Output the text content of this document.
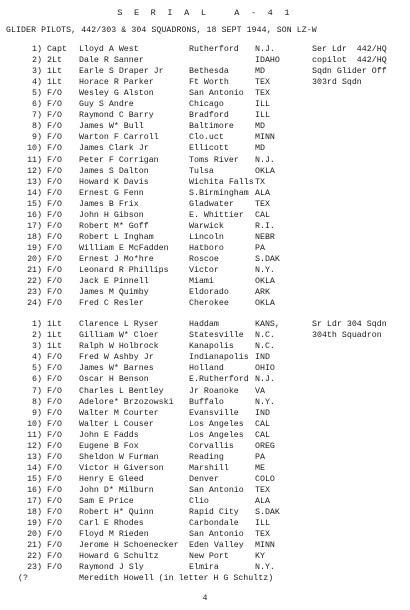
S E R I A L   A - 4 1
GLIDER PILOTS, 442/303 & 304 SQUADRONS, 18 SEPT 1944, SON LZ-W
1) Capt Lloyd A West	Rutherford N.J.	Ser Ldr  442/HQ
2) 2Lt Dale R Sanner	IDAHO	copilot  442/HQ
3) 1Lt Earle S Draper Jr	Bethesda	MD	Sqdn Glider Off
4) 1Lt Horace R Parker	Ft Worth	TEX	303rd Sqdn
5) F/O Wesley G Alston	San Antonio TEX
6) F/O Guy S Andre	Chicago	ILL
7) F/O Raymond C Barry	Bradford	ILL
8) F/O James W* Bull	Baltimore	MD
9) F/O Warton F Carroll	Clo.uct	MINN
10) F/O James Clark Jr	Ellicott	MD
11) F/O Peter F Corrigan	Toms River N.J.
12) F/O James S Dalton	Tulsa	OKLA
13) F/O Howard K Davis	Wichita Falls TX
14) F/O Ernest G Fenn	S.Birmingham ALA
15) F/O James B Frix	Gladwater	TEX
16) F/O John H Gibson	E. Whittier CAL
17) F/O Robert M* Goff	Warwick	R.I.
18) F/O Robert L Ingham	Lincoln	NEBR
19) F/O William E McFadden Hatboro	PA
20) F/O Ernest J Mo*hre	Roscoe	S.DAK
21) F/O Leonard R Phillips Victor	N.Y.
22) F/O Jack E Pinnell	Miami	OKLA
23) F/O James M Quimby	Eldorado	ARK
24) F/O Fred C Resler	Cherokee	OKLA
1) 1Lt Clarence L Ryser	Haddam	KANS,	Sr Ldr 304 Sqdn
2) 1Lt Gilliam W* Cloer	Statesville N.C.	304th Squadron
3) 1Lt Ralph W Holbrock	Kanapolis	N.C.
4) F/O Fred W Ashby Jr	Indianapolis IND
5) F/O James W* Barnes	Holland	OHIO
6) F/O Oscar H Benson	E.Rutherford N.J.
7) F/O Charles L Bentley	Jr Roanoke VA
8) F/O Adelore* Brzozowski Buffalo	N.Y.
9) F/O Walter M Courter	Evansville IND
10) F/O Walter L Couser	Los Angeles CAL
11) F/O John E Fadds	Los Angeles CAL
12) F/O Eugene B Fox	Corvallis	OREG
13) F/O Sheldon W Furman	Reading	PA
14) F/O Victor H Giverson	Marshill	ME
15) F/O Henry E Gleed	Denver	COLO
16) F/O John D* Milburn	San Antonio TEX
17) F/O Sam E Price	Clio	ALA
18) F/O Robert H* Quinn	Rapid City S.DAK
19) F/O Carl E Rhodes	Carbondale ILL
20) F/O Floyd M Rieden	San Antonio TEX
21) F/O Jerome H Schoenecker Eden Valley MINN
22) F/O Howard G Schultz	New Port	KY
23) F/O Raymond J Sly	Elmira	N.Y.
(?	Meredith Howell (in letter H G Schultz)
4
